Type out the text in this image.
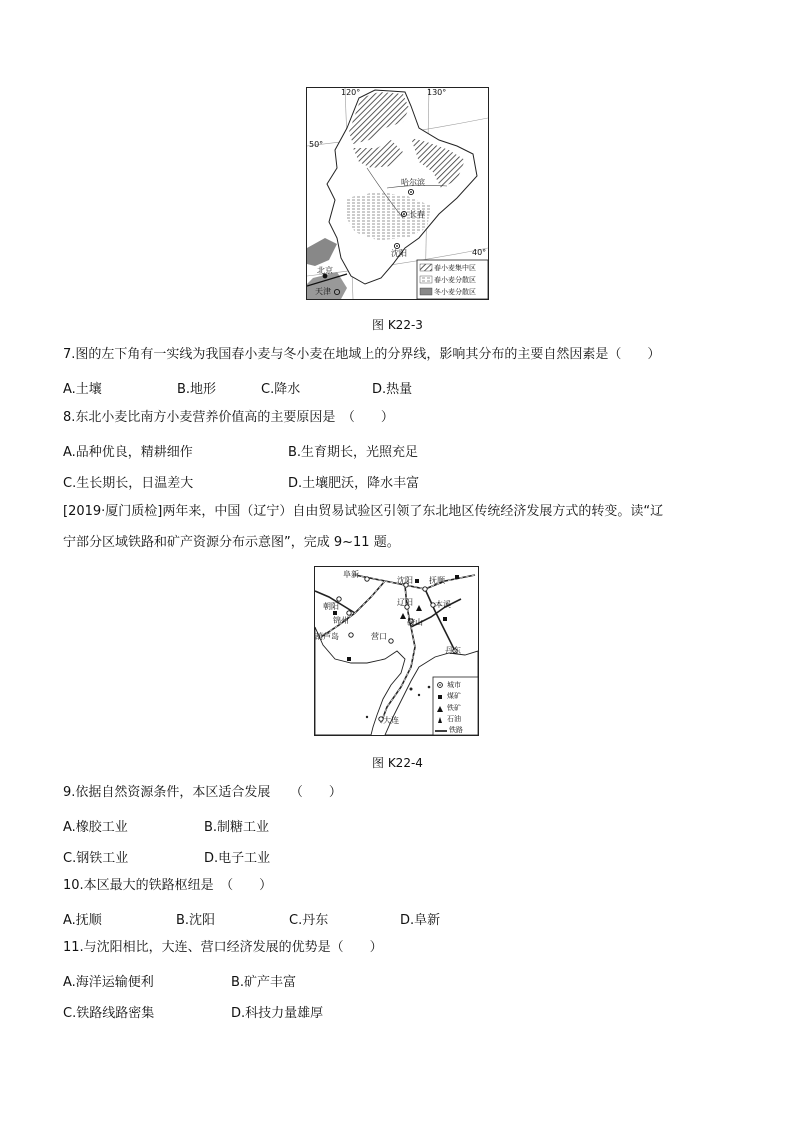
120°	130°
50°
40°
哈尔滨
长春
沈阳
北京
天津
春小麦集中区
春小麦分散区
冬小麦分散区
图 K22-3
7.图的左下角有一实线为我国春小麦与冬小麦在地域上的分界线，影响其分布的主要自然因素是（　　）
A.土壤	B.地形	C.降水	D.热量
8.东北小麦比南方小麦营养价值高的主要原因是　（　　）
A.品种优良，精耕细作	B.生育期长，光照充足
C.生长期长，日温差大	D.土壤肥沃，降水丰富
[2019·厦门质检]两年来，中国（辽宁）自由贸易试验区引领了东北地区传统经济发展方式的转变。读“辽
宁部分区域铁路和矿产资源分布示意图”，完成 9~11 题。
阜新
沈阳 抚顺
朝阳
锦州
辽阳	本溪
鞍山
葫芦岛	营口
丹东
大连
城市
煤矿
铁矿
石油
铁路
图 K22-4
9.依据自然资源条件，本区适合发展　　（　　）
A.橡胶工业	B.制糖工业
C.钢铁工业	D.电子工业
10.本区最大的铁路枢纽是　（　　）
A.抚顺	B.沈阳	C.丹东	D.阜新
11.与沈阳相比，大连、营口经济发展的优势是（　　）
A.海洋运输便利	B.矿产丰富
C.铁路线路密集	D.科技力量雄厚
